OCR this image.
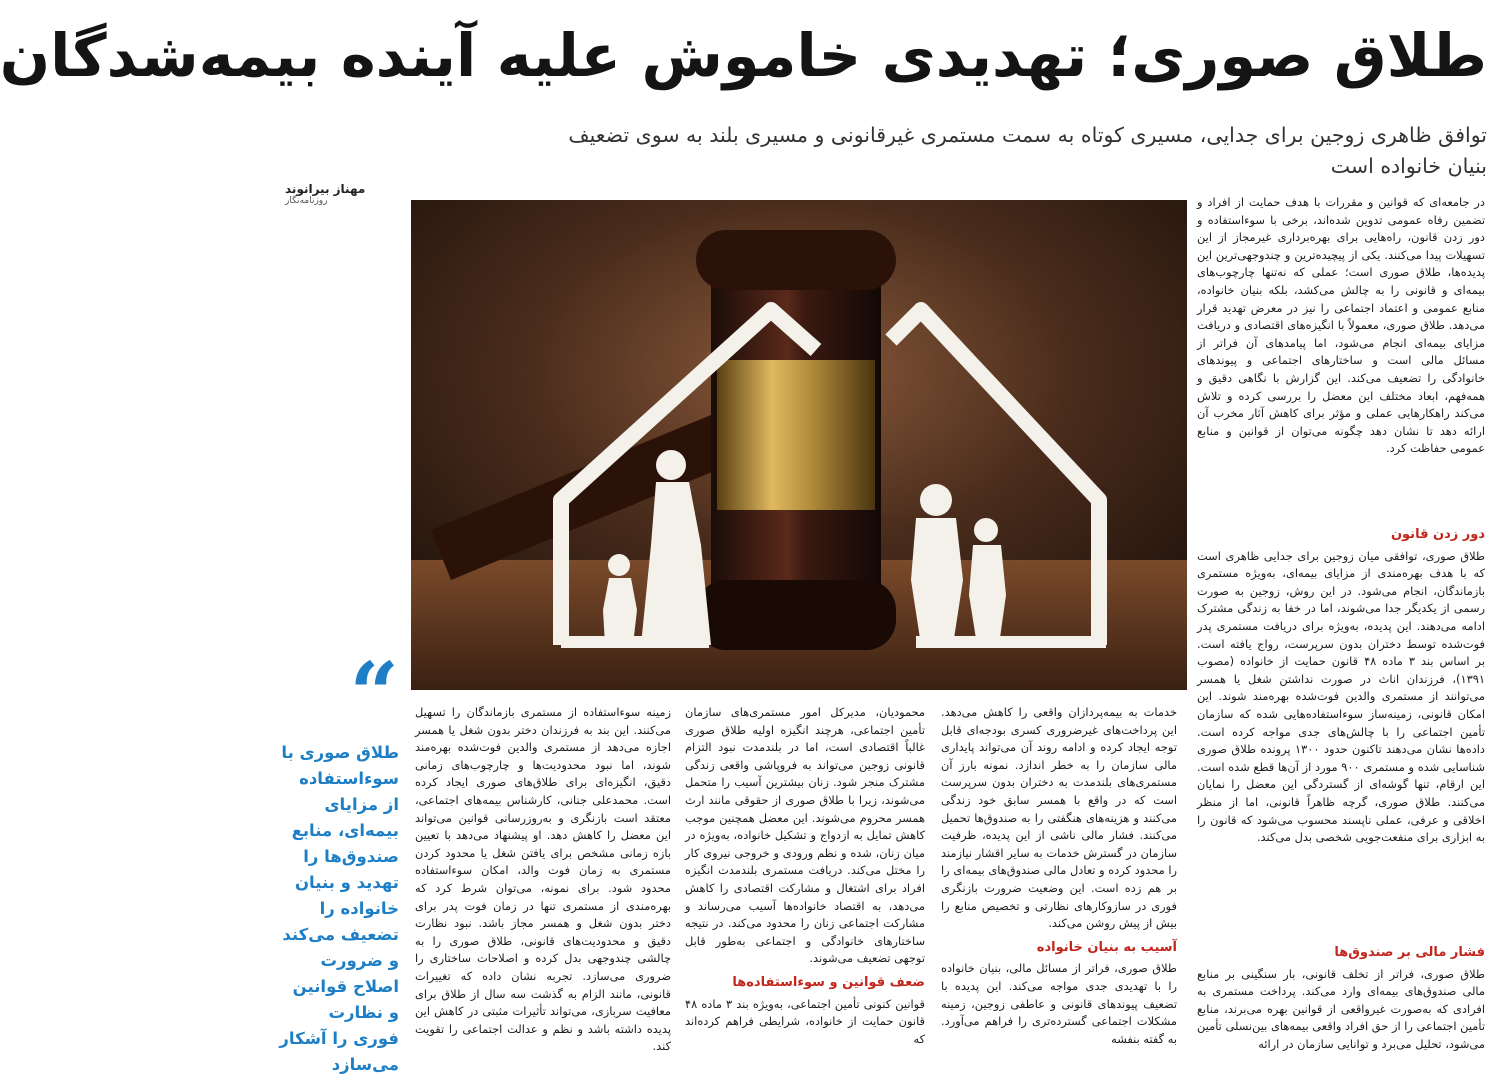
طلاق صوری؛ تهدیدی خاموش علیه آینده بیمه‌شدگان

توافق ظاهری زوجین برای جدایی، مسیری کوتاه به سمت مستمری غیرقانونی و مسیری بلند به سوی تضعیف بنیان خانواده است

مهناز بیرانوند
روزنامه‌نگار	در جامعه‌ای که قوانین و مقررات با هدف حمایت از افراد و تضمین رفاه عمومی تدوین شده‌اند، برخی با سوءاستفاده و دور زدن قانون، راه‌هایی برای بهره‌برداری غیرمجاز از این تسهیلات پیدا می‌کنند. یکی از پیچیده‌ترین و چندوجهی‌ترین این پدیده‌ها، طلاق صوری است؛ عملی که نه‌تنها چارچوب‌های بیمه‌ای و قانونی را به چالش می‌کشد، بلکه بنیان خانواده، منابع عمومی و اعتماد اجتماعی را نیز در معرض تهدید قرار می‌دهد. طلاق صوری، معمولاً با انگیزه‌های اقتصادی و دریافت مزایای بیمه‌ای انجام می‌شود، اما پیامدهای آن فراتر از مسائل مالی است و ساختارهای اجتماعی و پیوندهای خانوادگی را تضعیف می‌کند. این گزارش با نگاهی دقیق و همه‌فهم، ابعاد مختلف این معضل را بررسی کرده و تلاش می‌کند راهکارهایی عملی و مؤثر برای کاهش آثار مخرب آن ارائه دهد تا نشان دهد چگونه می‌توان از قوانین و منابع عمومی حفاظت کرد.

دور زدن قانون

طلاق صوری، توافقی میان زوجین برای جدایی ظاهری است که با هدف بهره‌مندی از مزایای بیمه‌ای، به‌ویژه مستمری بازماندگان، انجام می‌شود. در این روش، زوجین به صورت رسمی از یکدیگر جدا می‌شوند، اما در خفا به زندگی مشترک ادامه می‌دهند. این پدیده، به‌ویژه برای دریافت مستمری پدر فوت‌شده توسط دختران بدون سرپرست، رواج یافته است. بر اساس بند ۳ ماده ۴۸ قانون حمایت از خانواده (مصوب ۱۳۹۱)، فرزندان اناث در صورت نداشتن شغل یا همسر می‌توانند از مستمری والدین فوت‌شده بهره‌مند شوند. این امکان قانونی، زمینه‌ساز سوءاستفاده‌هایی شده که سازمان تأمین اجتماعی را با چالش‌های جدی مواجه کرده است. داده‌ها نشان می‌دهند تاکنون حدود ۱۳۰۰ پرونده طلاق صوری شناسایی شده و مستمری ۹۰۰ مورد از آن‌ها قطع شده است. این ارقام، تنها گوشه‌ای از گستردگی این معضل را نمایان می‌کنند. طلاق صوری، گرچه ظاهراً قانونی، اما از منظر اخلاقی و عرفی، عملی ناپسند محسوب می‌شود که قانون را به ابزاری برای منفعت‌جویی شخصی بدل می‌کند.

فشار مالی بر صندوق‌ها

طلاق صوری، فراتر از تخلف قانونی، بار سنگینی بر منابع مالی صندوق‌های بیمه‌ای وارد می‌کند. پرداخت مستمری به افرادی که به‌صورت غیرواقعی از قوانین بهره می‌برند، منابع تأمین اجتماعی را از حق افراد واقعی بیمه‌های بین‌نسلی تأمین می‌شود، تحلیل می‌برد و توانایی سازمان در ارائه

خدمات به بیمه‌پردازان واقعی را کاهش می‌دهد. این پرداخت‌های غیرضروری کسری بودجه‌ای قابل توجه ایجاد کرده و ادامه روند آن می‌تواند پایداری مالی سازمان را به خطر اندازد. نمونه بارز آن مستمری‌های بلندمدت به دختران بدون سرپرست است که در واقع با همسر سابق خود زندگی می‌کنند و هزینه‌های هنگفتی را به صندوق‌ها تحمیل می‌کنند. فشار مالی ناشی از این پدیده، ظرفیت سازمان در گسترش خدمات به سایر اقشار نیازمند را محدود کرده و تعادل مالی صندوق‌های بیمه‌ای را بر هم زده است. این وضعیت ضرورت بازنگری فوری در سازوکارهای نظارتی و تخصیص منابع را بیش از پیش روشن می‌کند.

آسیب به بنیان خانواده

طلاق صوری، فراتر از مسائل مالی، بنیان خانواده را با تهدیدی جدی مواجه می‌کند. این پدیده با تضعیف پیوندهای قانونی و عاطفی زوجین، زمینه مشکلات اجتماعی گسترده‌تری را فراهم می‌آورد. به گفته بنفشه

محمودیان، مدیرکل امور مستمری‌های سازمان تأمین اجتماعی، هرچند انگیزه اولیه طلاق صوری غالباً اقتصادی است، اما در بلندمدت نبود التزام قانونی زوجین می‌تواند به فروپاشی واقعی زندگی مشترک منجر شود. زنان بیشترین آسیب را متحمل می‌شوند، زیرا با طلاق صوری از حقوقی مانند ارث همسر محروم می‌شوند. این معضل همچنین موجب کاهش تمایل به ازدواج و تشکیل خانواده، به‌ویژه در میان زنان، شده و نظم ورودی و خروجی نیروی کار را مختل می‌کند. دریافت مستمری بلندمدت انگیزه افراد برای اشتغال و مشارکت اقتصادی را کاهش می‌دهد، به اقتصاد خانواده‌ها آسیب می‌رساند و مشارکت اجتماعی زنان را محدود می‌کند. در نتیجه ساختارهای خانوادگی و اجتماعی به‌طور قابل توجهی تضعیف می‌شوند.

ضعف قوانین و سوءاستفاده‌ها

قوانین کنونی تأمین اجتماعی، به‌ویژه بند ۳ ماده ۴۸ قانون حمایت از خانواده، شرایطی فراهم کرده‌اند که

زمینه سوءاستفاده از مستمری بازماندگان را تسهیل می‌کنند. این بند به فرزندان دختر بدون شغل یا همسر اجازه می‌دهد از مستمری والدین فوت‌شده بهره‌مند شوند، اما نبود محدودیت‌ها و چارچوب‌های زمانی دقیق، انگیزه‌ای برای طلاق‌های صوری ایجاد کرده است. محمدعلی جنانی، کارشناس بیمه‌های اجتماعی، معتقد است بازنگری و به‌روزرسانی قوانین می‌تواند این معضل را کاهش دهد. او پیشنهاد می‌دهد با تعیین بازه زمانی مشخص برای یافتن شغل یا محدود کردن مستمری به زمان فوت والد، امکان سوءاستفاده محدود شود. برای نمونه، می‌توان شرط کرد که بهره‌مندی از مستمری تنها در زمان فوت پدر برای دختر بدون شغل و همسر مجاز باشد. نبود نظارت دقیق و محدودیت‌های قانونی، طلاق صوری را به چالشی چندوجهی بدل کرده و اصلاحات ساختاری را ضروری می‌سازد. تجربه نشان داده که تغییرات قانونی، مانند الزام به گذشت سه سال از طلاق برای معافیت سربازی، می‌تواند تأثیرات مثبتی در کاهش این پدیده داشته باشد و نظم و عدالت اجتماعی را تقویت کند.

“
طلاق صوری با سوءاستفاده از مزایای بیمه‌ای، منابع صندوق‌ها را تهدید و بنیان خانواده را تضعیف می‌کند و ضرورت اصلاح قوانین و نظارت فوری را آشکار می‌سازد
